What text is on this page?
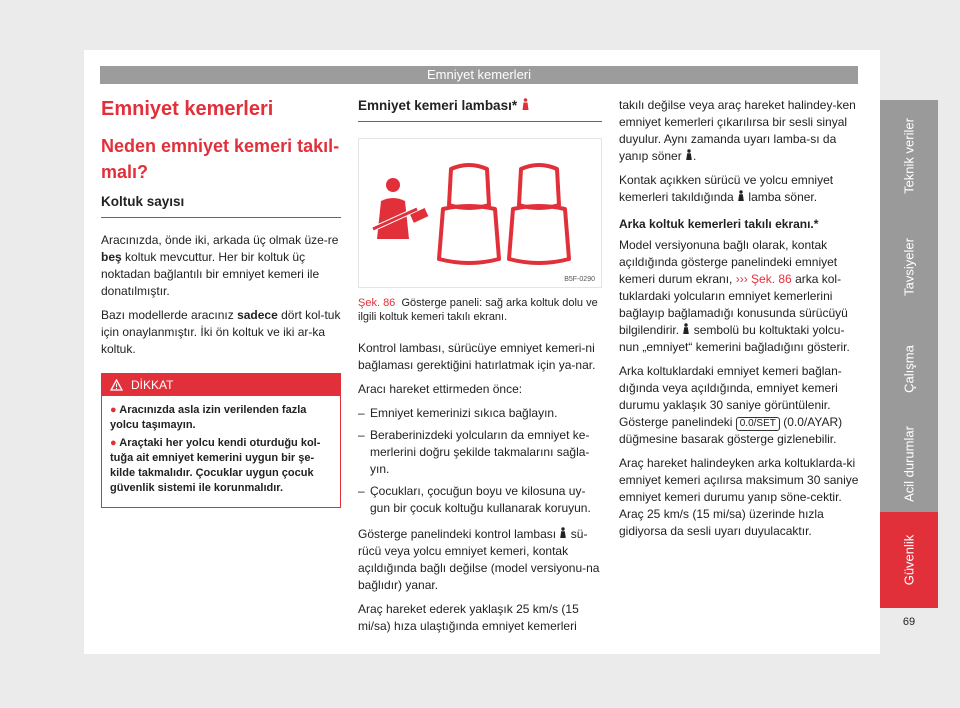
Emniyet kemerleri
Teknik veriler
Tavsiyeler
Çalışma
Acil durumlar
Güvenlik
69
Emniyet kemerleri
Neden emniyet kemeri takıl-malı?
Koltuk sayısı

Aracınızda, önde iki, arkada üç olmak üze-re beş koltuk mevcuttur. Her bir koltuk üç noktadan bağlantılı bir emniyet kemeri ile donatılmıştır.

Bazı modellerde aracınız sadece dört kol-tuk için onaylanmıştır. İki ön koltuk ve iki ar-ka koltuk.

DİKKAT
● Aracınızda asla izin verilenden fazla yolcu taşımayın.
● Araçtaki her yolcu kendi oturduğu kol-tuğa ait emniyet kemerini uygun bir şe-kilde takmalıdır. Çocuklar uygun çocuk güvenlik sistemi ile korunmalıdır.
Emniyet kemeri lambası*
B5F-0290

Şek. 86 Gösterge paneli: sağ arka koltuk dolu ve ilgili koltuk kemeri takılı ekranı.

Kontrol lambası, sürücüye emniyet kemeri-ni bağlaması gerektiğini hatırlatmak için ya-nar.

Aracı hareket ettirmeden önce:

– Emniyet kemerinizi sıkıca bağlayın.
– Beraberinizdeki yolcuların da emniyet ke-merlerini doğru şekilde takmalarını sağla-yın.
– Çocukları, çocuğun boyu ve kilosuna uy-gun bir çocuk koltuğu kullanarak koruyun.

Gösterge panelindeki kontrol lambası  sü-rücü veya yolcu emniyet kemeri, kontak açıldığında bağlı değilse (model versiyonu-na bağlıdır) yanar.

Araç hareket ederek yaklaşık 25 km/s (15 mi/sa) hıza ulaştığında emniyet kemerleri

takılı değilse veya araç hareket halindey-ken emniyet kemerleri çıkarılırsa bir sesli sinyal duyulur. Aynı zamanda uyarı lamba-sı da yanıp söner .

Kontak açıkken sürücü ve yolcu emniyet kemerleri takıldığında  lamba söner.

Arka koltuk kemerleri takılı ekranı.*

Model versiyonuna bağlı olarak, kontak açıldığında gösterge panelindeki emniyet kemeri durum ekranı, ››› Şek. 86 arka kol-tuklardaki yolcuların emniyet kemerlerini bağlayıp bağlamadığı konusunda sürücüyü bilgilendirir.  sembolü bu koltuktaki yolcu-nun „emniyet“ kemerini bağladığını gösterir.

Arka koltuklardaki emniyet kemeri bağlan-dığında veya açıldığında, emniyet kemeri durumu yaklaşık 30 saniye görüntülenir. Gösterge panelindeki 0.0/SET (0.0/AYAR) düğmesine basarak gösterge gizlenebilir.

Araç hareket halindeyken arka koltuklarda-ki emniyet kemeri açılırsa maksimum 30 saniye emniyet kemeri durumu yanıp söne-cektir. Araç 25 km/s (15 mi/sa) üzerinde hızla gidiyorsa da sesli uyarı duyulacaktır.
